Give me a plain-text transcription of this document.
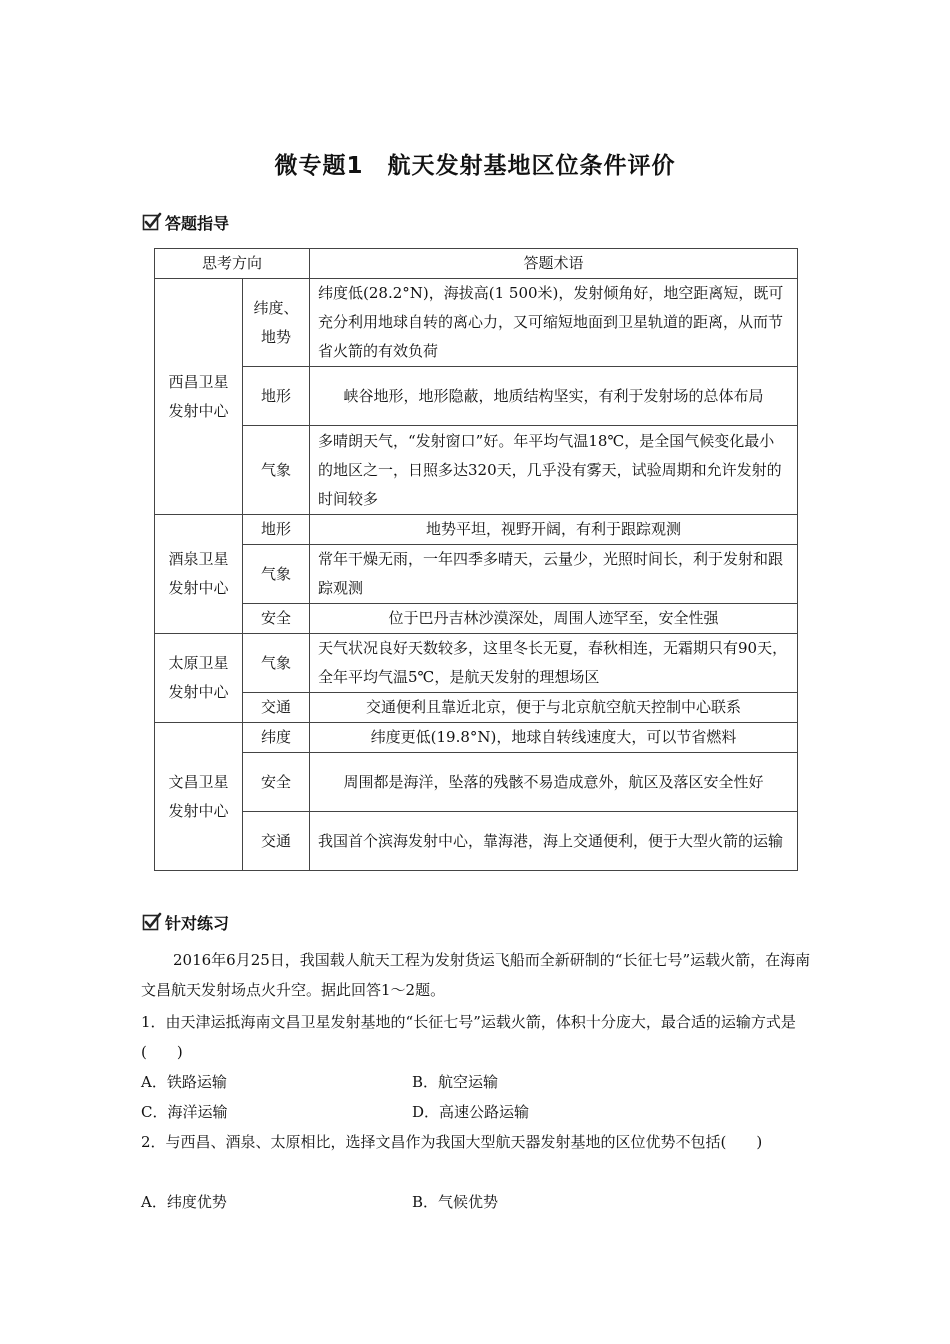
微专题1　航天发射基地区位条件评价
答题指导
思考方向		答题术语
西昌卫星发射中心	纬度、地势	纬度低(28.2°N)，海拔高(1 500米)，发射倾角好，地空距离短，既可充分利用地球自转的离心力，又可缩短地面到卫星轨道的距离，从而节省火箭的有效负荷
	地形	峡谷地形，地形隐蔽，地质结构坚实，有利于发射场的总体布局
	气象	多晴朗天气，“发射窗口”好。年平均气温18℃，是全国气候变化最小的地区之一，日照多达320天，几乎没有雾天，试验周期和允许发射的时间较多
酒泉卫星发射中心	地形	地势平坦，视野开阔，有利于跟踪观测
	气象	常年干燥无雨，一年四季多晴天，云量少，光照时间长，利于发射和跟踪观测
	安全	位于巴丹吉林沙漠深处，周围人迹罕至，安全性强
太原卫星发射中心	气象	天气状况良好天数较多，这里冬长无夏，春秋相连，无霜期只有90天，全年平均气温5℃，是航天发射的理想场区
	交通	交通便利且靠近北京，便于与北京航空航天控制中心联系
文昌卫星发射中心	纬度	纬度更低(19.8°N)，地球自转线速度大，可以节省燃料
	安全	周围都是海洋，坠落的残骸不易造成意外，航区及落区安全性好
	交通	我国首个滨海发射中心，靠海港，海上交通便利，便于大型火箭的运输
针对练习
2016年6月25日，我国载人航天工程为发射货运飞船而全新研制的“长征七号”运载火箭，在海南文昌航天发射场点火升空。据此回答1～2题。
1．由天津运抵海南文昌卫星发射基地的“长征七号”运载火箭，体积十分庞大，最合适的运输方式是(　　)
A．铁路运输	B．航空运输
C．海洋运输	D．高速公路运输
2．与西昌、酒泉、太原相比，选择文昌作为我国大型航天器发射基地的区位优势不包括(　　)
A．纬度优势	B．气候优势
